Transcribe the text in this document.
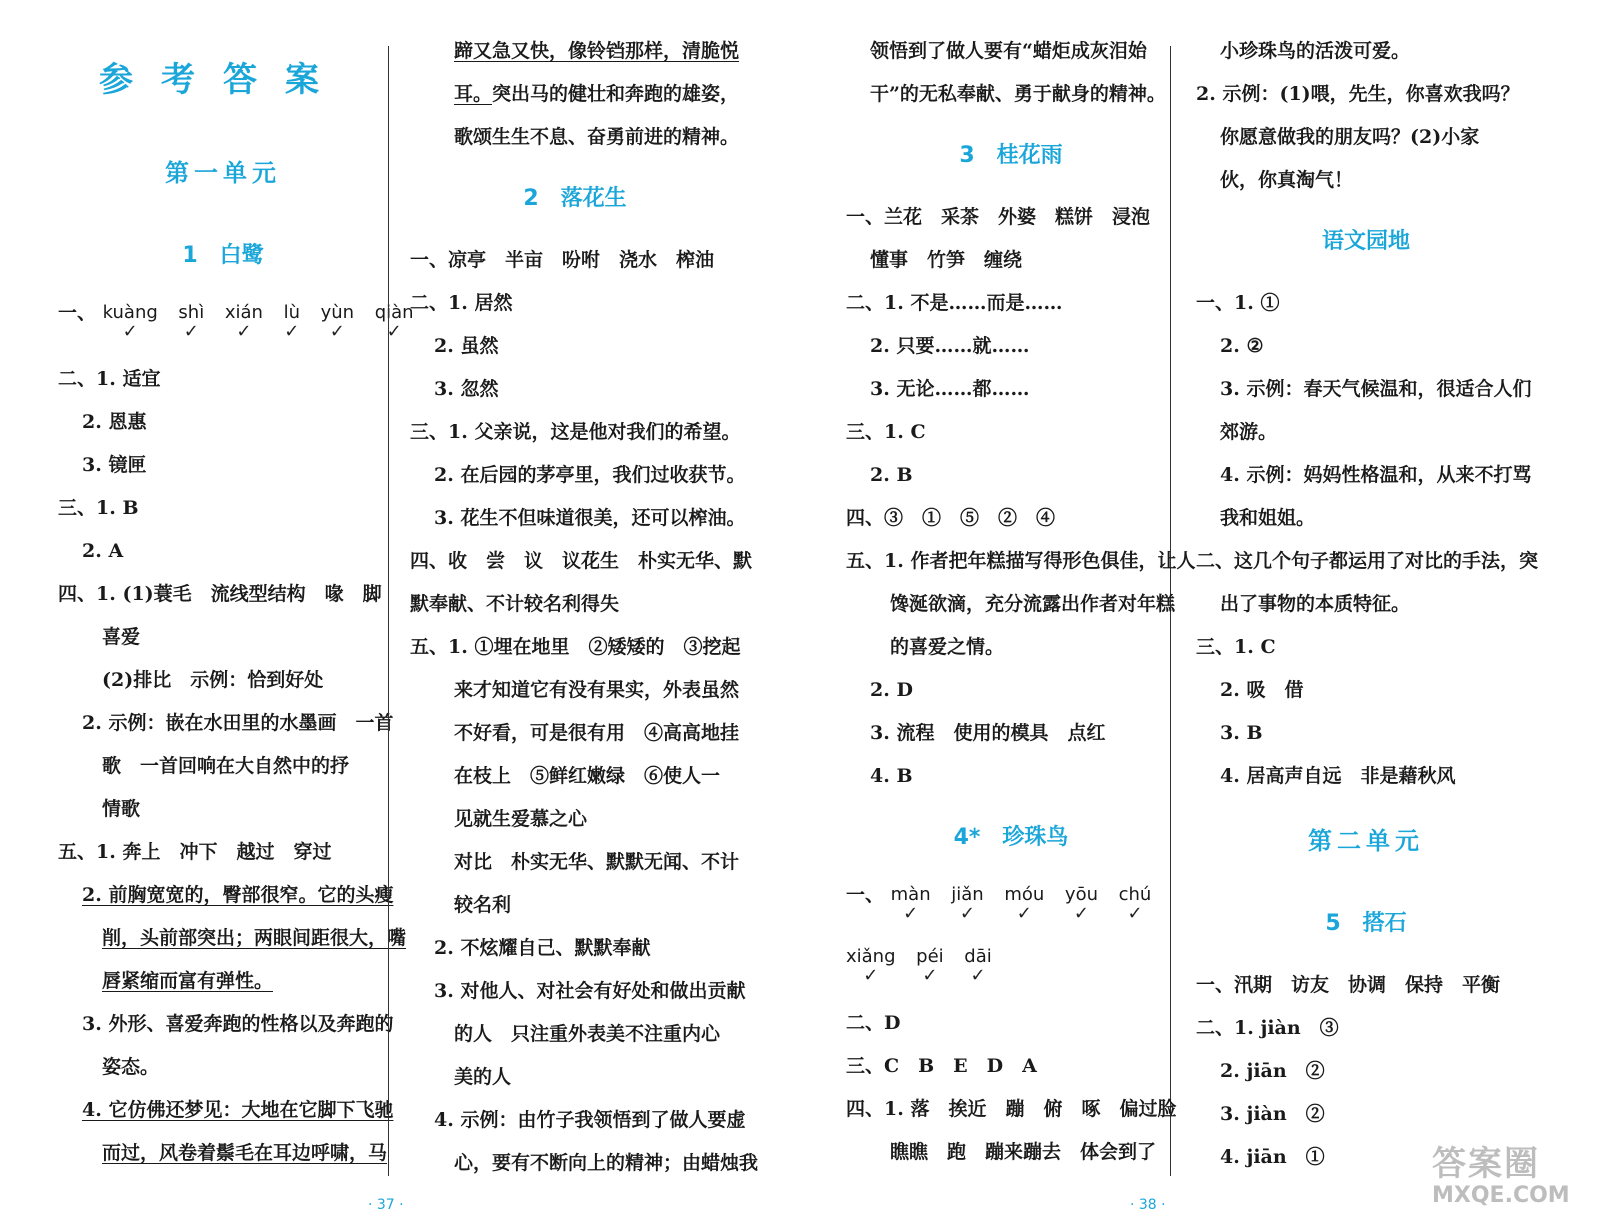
参考答案
第一单元
1 白鹭
一、 kuàng
✓

shì
✓

xián
✓

lù
✓

yùn
✓

qiàn
✓
二、1. 适宜
2. 恩惠
3. 镜匣
三、1. B
2. A
四、1. (1)蓑毛　流线型结构　喙　脚
喜爱
(2)排比　示例：恰到好处
2. 示例：嵌在水田里的水墨画　一首
歌　一首回响在大自然中的抒
情歌
五、1. 奔上　冲下　越过　穿过
2. 前胸宽宽的，臀部很窄。它的头瘦
削，头前部突出；两眼间距很大，嘴
唇紧缩而富有弹性。
3. 外形、喜爱奔跑的性格以及奔跑的
姿态。
4. 它仿佛还梦见：大地在它脚下飞驰
而过，风卷着鬃毛在耳边呼啸，马
蹄又急又快，像铃铛那样，清脆悦
耳。突出马的健壮和奔跑的雄姿，
歌颂生生不息、奋勇前进的精神。
2 落花生
一、凉亭　半亩　吩咐　浇水　榨油
二、1. 居然
2. 虽然
3. 忽然
三、1. 父亲说，这是他对我们的希望。
2. 在后园的茅亭里，我们过收获节。
3. 花生不但味道很美，还可以榨油。
四、收　尝　议　议花生　朴实无华、默
默奉献、不计较名利得失
五、1. ①埋在地里　②矮矮的　③挖起
来才知道它有没有果实，外表虽然
不好看，可是很有用　④高高地挂
在枝上　⑤鲜红嫩绿　⑥使人一
见就生爱慕之心
对比　朴实无华、默默无闻、不计
较名利
2. 不炫耀自己、默默奉献
3. 对他人、对社会有好处和做出贡献
的人　只注重外表美不注重内心
美的人
4. 示例：由竹子我领悟到了做人要虚
心，要有不断向上的精神；由蜡烛我
领悟到了做人要有“蜡炬成灰泪始
干”的无私奉献、勇于献身的精神。
3 桂花雨
一、兰花　采茶　外婆　糕饼　浸泡
懂事　竹笋　缠绕
二、1. 不是……而是……
2. 只要……就……
3. 无论……都……
三、1. C
2. B
四、③　①　⑤　②　④
五、1. 作者把年糕描写得形色俱佳，让人
馋涎欲滴，充分流露出作者对年糕
的喜爱之情。
2. D
3. 流程　使用的模具　点红
4. B
4* 珍珠鸟
一、 màn
✓

jiǎn
✓

móu
✓

yōu
✓

chú
✓
xiǎng
✓

péi
✓

dāi
✓
二、D
三、C　B　E　D　A
四、1. 落　挨近　蹦　俯　啄　偏过脸
瞧瞧　跑　蹦来蹦去　体会到了
小珍珠鸟的活泼可爱。
2. 示例：(1)喂，先生，你喜欢我吗？
你愿意做我的朋友吗？(2)小家
伙，你真淘气！
语文园地
一、1. ①
2. ②
3. 示例：春天气候温和，很适合人们
郊游。
4. 示例：妈妈性格温和，从来不打骂
我和姐姐。
二、这几个句子都运用了对比的手法，突
出了事物的本质特征。
三、1. C
2. 吸　借
3. B
4. 居高声自远　非是藉秋风
第二单元
5 搭石
一、汛期　访友　协调　保持　平衡
二、1. jiàn　③
2. jiān　②
3. jiàn　②
4. jiān　①
· 37 ·	· 38 ·
答案圈
MXQE.COM
